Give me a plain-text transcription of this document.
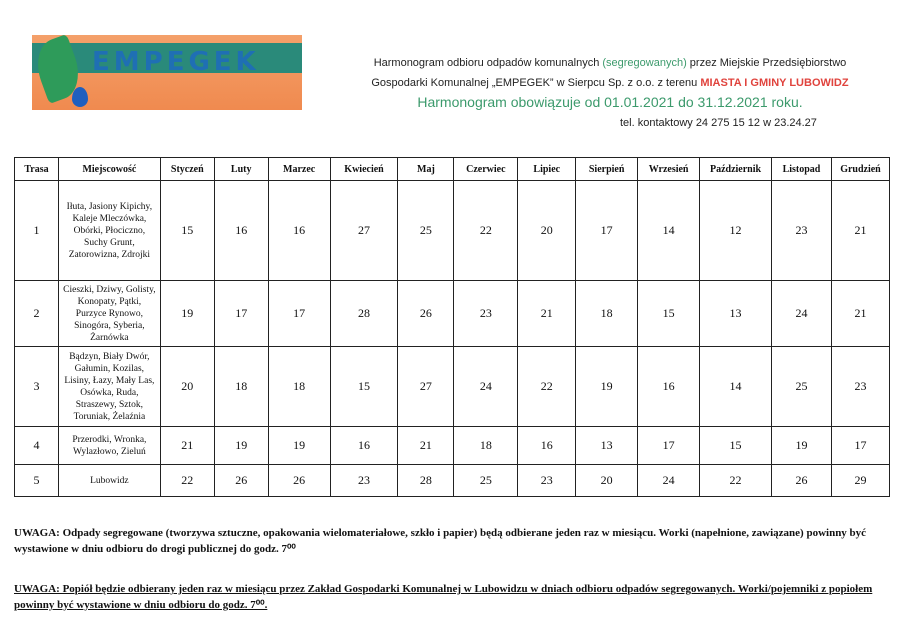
EMPEGEK	Harmonogram odbioru odpadów komunalnych (segregowanych) przez Miejskie Przedsiębiorstwo
Gospodarki Komunalnej „EMPEGEK” w Sierpcu Sp. z o.o. z terenu MIASTA I GMINY LUBOWIDZ
Harmonogram obowiązuje od 01.01.2021 do 31.12.2021 roku.
tel. kontaktowy 24 275 15 12 w 23.24.27
Trasa	Miejscowość	Styczeń	Luty	Marzec	Kwiecień	Maj	Czerwiec	Lipiec	Sierpień	Wrzesień	Październik	Listopad	Grudzień
1	Iłuta, Jasiony Kipichy, Kaleje Mleczówka, Obórki, Płociczno, Suchy Grunt, Zatorowizna, Zdrojki	15	16	16	27	25	22	20	17	14	12	23	21
2	Cieszki, Dziwy, Golisty, Konopaty, Pątki, Purzyce Rynowo, Sinogóra, Syberia, Żarnówka	19	17	17	28	26	23	21	18	15	13	24	21
3	Bądzyn, Biały Dwór, Gałumin, Kozilas, Lisiny, Łazy, Mały Las, Osówka, Ruda, Straszewy, Sztok, Toruniak, Żelaźnia	20	18	18	15	27	24	22	19	16	14	25	23
4	Przerodki, Wronka, Wylazłowo, Zieluń	21	19	19	16	21	18	16	13	17	15	19	17
5	Lubowidz	22	26	26	23	28	25	23	20	24	22	26	29
UWAGA: Odpady segregowane (tworzywa sztuczne, opakowania wielomateriałowe, szkło i papier) będą odbierane jeden raz w miesiącu. Worki (napełnione, zawiązane) powinny być wystawione w dniu odbioru do drogi publicznej do godz. 7⁰⁰
UWAGA: Popiół będzie odbierany jeden raz w miesiącu przez Zakład Gospodarki Komunalnej w Lubowidzu w dniach odbioru odpadów segregowanych. Worki/pojemniki z popiołem powinny być wystawione w dniu odbioru do godz. 7⁰⁰.
